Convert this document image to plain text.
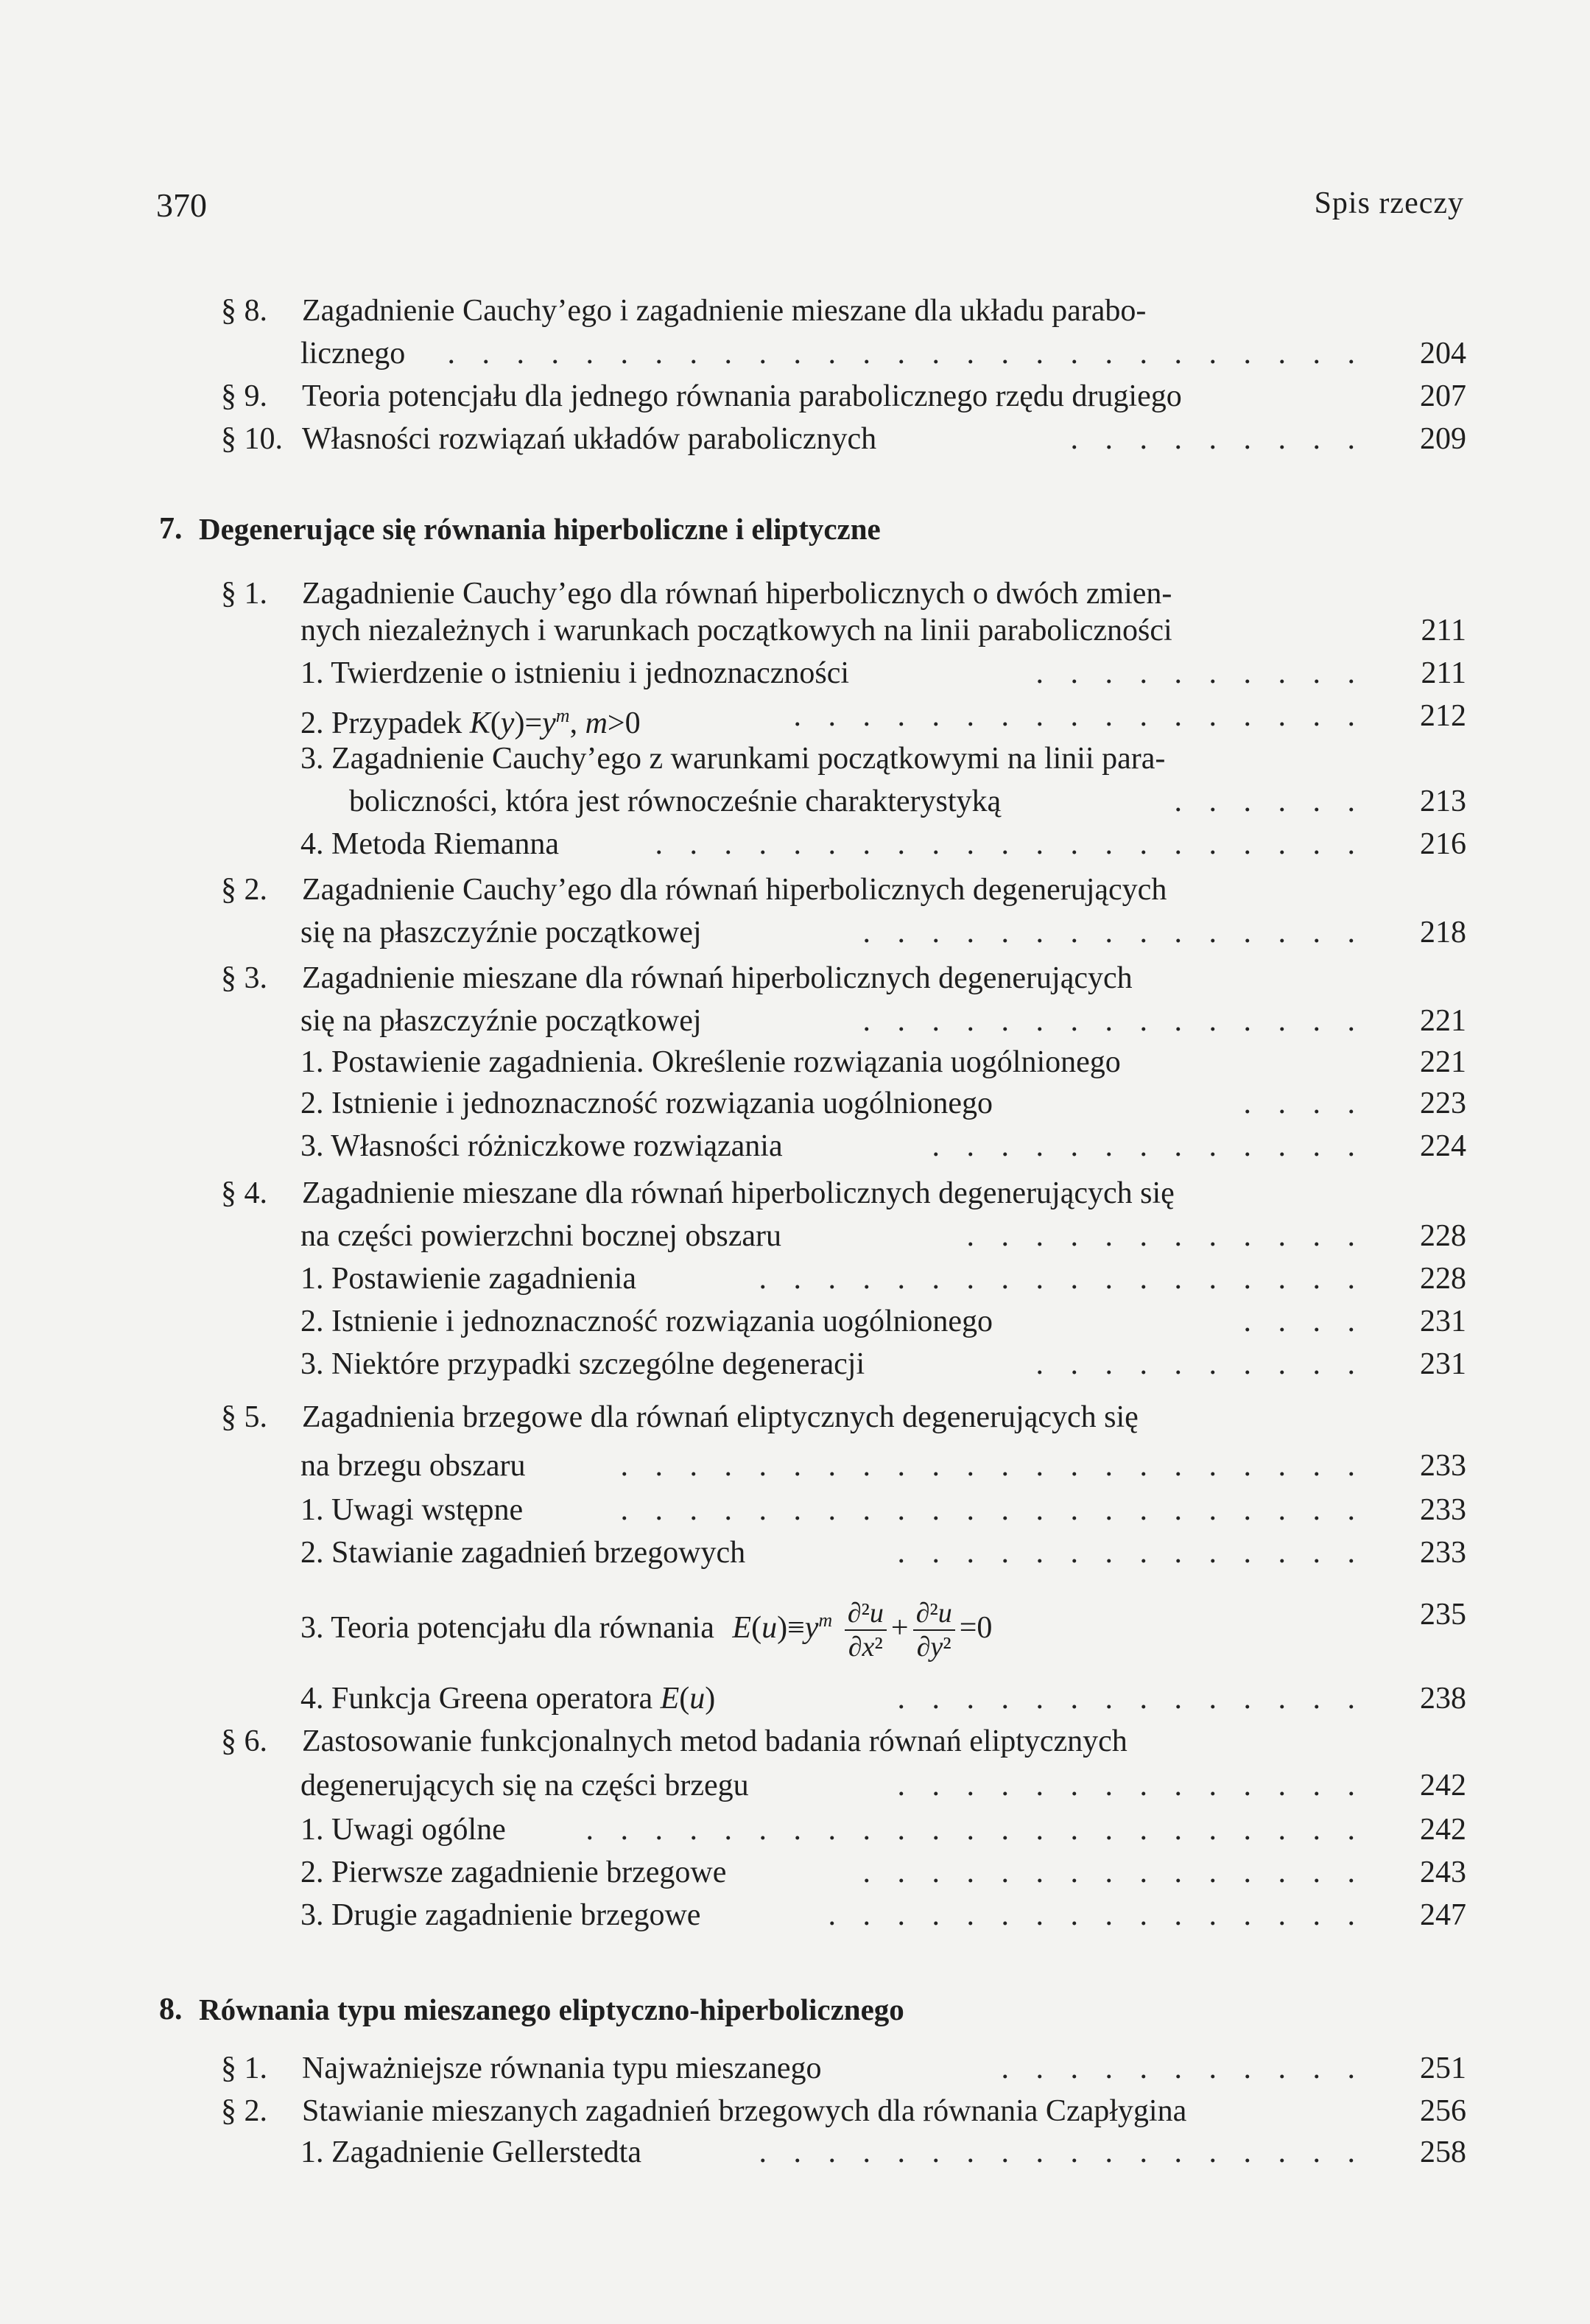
370	Spis rzeczy
§ 8. Zagadnienie Cauchy’ego i zagadnienie mieszane dla układu parabo-
licznego . . .	204
§ 9. Teoria potencjału dla jednego równania parabolicznego rzędu drugiego	207
§ 10. Własności rozwiązań układów parabolicznych . . .	209
7. Degenerujące się równania hiperboliczne i eliptyczne
§ 1. Zagadnienie Cauchy’ego dla równań hiperbolicznych o dwóch zmien-
nych niezależnych i warunkach początkowych na linii paraboliczności	211
1. Twierdzenie o istnieniu i jednoznaczności . . .	211
2. Przypadek $K(y)=y^m$, m>0 . . .	212
3. Zagadnienie Cauchy’ego z warunkami początkowymi na linii para-
boliczności, która jest równocześnie charakterystyką . . .	213
4. Metoda Riemanna . . .	216
§ 2. Zagadnienie Cauchy’ego dla równań hiperbolicznych degenerujących
się na płaszczyźnie początkowej . . .	218
§ 3. Zagadnienie mieszane dla równań hiperbolicznych degenerujących
się na płaszczyźnie początkowej . . .	221
1. Postawienie zagadnienia. Określenie rozwiązania uogólnionego	221
2. Istnienie i jednoznaczność rozwiązania uogólnionego . . .	223
3. Własności różniczkowe rozwiązania . . .	224
§ 4. Zagadnienie mieszane dla równań hiperbolicznych degenerujących się
na części powierzchni bocznej obszaru . . .	228
1. Postawienie zagadnienia . . .	228
2. Istnienie i jednoznaczność rozwiązania uogólnionego . . .	231
3. Niektóre przypadki szczególne degeneracji . . .	231
§ 5. Zagadnienia brzegowe dla równań eliptycznych degenerujących się
na brzegu obszaru . . .	233
1. Uwagi wstępne . . .	233
2. Stawianie zagadnień brzegowych . . .	233
3. Teoria potencjału dla równania $E(u)\equiv y^m \frac{\text{∂²u}}{\text{∂x²}} + \frac{\text{∂²u}}{\text{∂y²}} =0$ . . .	235
4. Funkcja Greena operatora E(u) . . .	238
§ 6. Zastosowanie funkcjonalnych metod badania równań eliptycznych
degenerujących się na części brzegu . . .	242
1. Uwagi ogólne . . .	242
2. Pierwsze zagadnienie brzegowe . . .	243
3. Drugie zagadnienie brzegowe . . .	247
8. Równania typu mieszanego eliptyczno-hiperbolicznego
§ 1. Najważniejsze równania typu mieszanego . . .	251
§ 2. Stawianie mieszanych zagadnień brzegowych dla równania Czapłygina	256
1. Zagadnienie Gellerstedta . . .	258
